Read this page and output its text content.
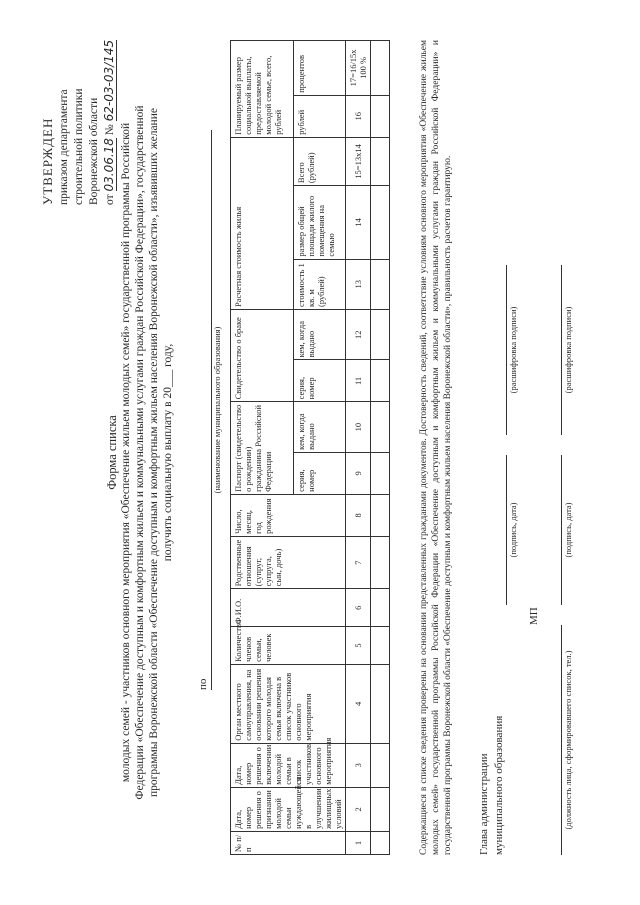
УТВЕРЖДЕН приказом департамента строительной политики Воронежской области от 03.06.18 № 62-03-03/145
Форма списка молодых семей - участников основного мероприятия «Обеспечение жильем молодых семей» государственной программы Российской Федерации «Обеспечение доступным и комфортным жильем и коммунальными услугами граждан Российской Федерации», государственной программы Воронежской области «Обеспечение доступным и комфортным жильем населения Воронежской области», изъявивших желание получить социальную выплату в 20___ году,
по
(наименование муниципального образования)
№ п/п	Дата, номер решения о признании молодой семьи нуждающейся в улучшении жилищных условий	Дата, номер решения о включении молодой семьи в список участников основного мероприятия	Орган местного самоуправления, на основании решения которого молодая семья включена в список участников основного мероприятия	Количество членов семьи, человек	Ф.И.О.	Родственные отношения (супруг, супруга, сын, дочь)	Число, месяц, год рождения	Паспорт (свидетельство о рождении) гражданина Российской Федерации		Свидетельство о браке		Расчетная стоимость жилья			Планируемый размер социальной выплаты, предоставляемой молодой семье, всего, рублей	
								серия, номер	кем, когда выдано	серия, номер	кем, когда выдано	стоимость 1 кв. м (рублей)	размер общей площади жилого помещения на семью	Всего (рублей)	рублей	процентов
1	2	3	4	5	6	7	8	9	10	11	12	13	14	15=13х14	16	17=16/15х 100 %
																	Содержащиеся в списке сведения проверены на основании представленных гражданами документов. Достоверность сведений, соответствие условиям основного мероприятия «Обеспечение жильем молодых семей» государственной программы Российской Федерации «Обеспечение доступным и комфортным жильем и коммунальными услугами граждан Российской Федерации» и государственной программы Воронежской области «Обеспечение доступным и комфортным жильем населения Воронежской области», правильность расчетов гарантирую. Глава администрации муниципального образования
(подпись, дата)
(расшифровка подписи)
МП
(должность лица, сформировавшего список, тел.)
(подпись, дата)
(расшифровка подписи)
